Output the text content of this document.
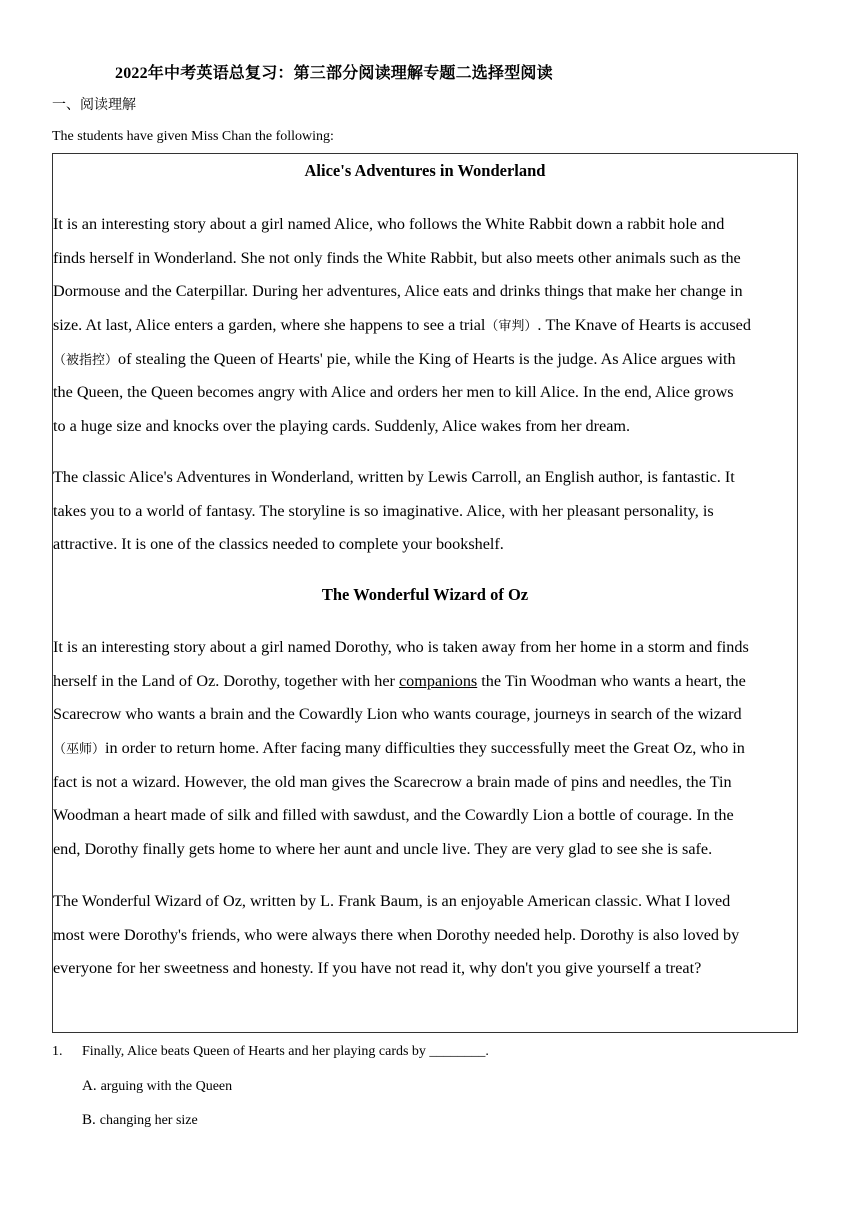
2022年中考英语总复习：第三部分阅读理解专题二选择型阅读
一、阅读理解
The students have given Miss Chan the following:
Alice's Adventures in Wonderland
It is an interesting story about a girl named Alice, who follows the White Rabbit down a rabbit hole and
finds herself in Wonderland. She not only finds the White Rabbit, but also meets other animals such as the
Dormouse and the Caterpillar. During her adventures, Alice eats and drinks things that make her change in
size. At last, Alice enters a garden, where she happens to see a trial（审判）. The Knave of Hearts is accused
（被指控）of stealing the Queen of Hearts' pie, while the King of Hearts is the judge. As Alice argues with
the Queen, the Queen becomes angry with Alice and orders her men to kill Alice. In the end, Alice grows
to a huge size and knocks over the playing cards. Suddenly, Alice wakes from her dream.
The classic Alice's Adventures in Wonderland, written by Lewis Carroll, an English author, is fantastic. It
takes you to a world of fantasy. The storyline is so imaginative. Alice, with her pleasant personality, is
attractive. It is one of the classics needed to complete your bookshelf.
The Wonderful Wizard of Oz
It is an interesting story about a girl named Dorothy, who is taken away from her home in a storm and finds
herself in the Land of Oz. Dorothy, together with her companions the Tin Woodman who wants a heart, the
Scarecrow who wants a brain and the Cowardly Lion who wants courage, journeys in search of the wizard
（巫师）in order to return home. After facing many difficulties they successfully meet the Great Oz, who in
fact is not a wizard. However, the old man gives the Scarecrow a brain made of pins and needles, the Tin
Woodman a heart made of silk and filled with sawdust, and the Cowardly Lion a bottle of courage. In the
end, Dorothy finally gets home to where her aunt and uncle live. They are very glad to see she is safe.
The Wonderful Wizard of Oz, written by L. Frank Baum, is an enjoyable American classic. What I loved
most were Dorothy's friends, who were always there when Dorothy needed help. Dorothy is also loved by
everyone for her sweetness and honesty. If you have not read it, why don't you give yourself a treat?
1. Finally, Alice beats Queen of Hearts and her playing cards by ________.
A. arguing with the Queen
B. changing her size
